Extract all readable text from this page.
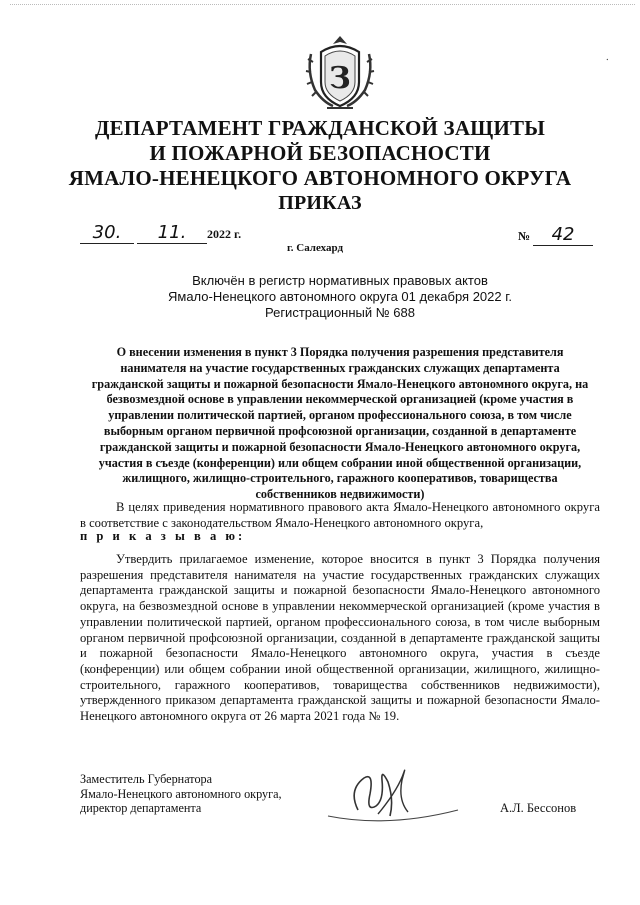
⸱
З
ДЕПАРТАМЕНТ ГРАЖДАНСКОЙ ЗАЩИТЫ
И ПОЖАРНОЙ БЕЗОПАСНОСТИ
ЯМАЛО-НЕНЕЦКОГО АВТОНОМНОГО ОКРУГА
ПРИКАЗ
30. 11. 2022 г.
г. Салехард
№ 42
Включён в регистр нормативных правовых актов
Ямало-Ненецкого автономного округа 01 декабря 2022 г.
Регистрационный № 688
О внесении изменения в пункт 3 Порядка получения разрешения представителя нанимателя на участие государственных гражданских служащих департамента гражданской защиты и пожарной безопасности Ямало-Ненецкого автономного округа, на безвозмездной основе в управлении некоммерческой организацией (кроме участия в управлении политической партией, органом профессионального союза, в том числе выборным органом первичной профсоюзной организации, созданной в департаменте гражданской защиты и пожарной безопасности Ямало-Ненецкого автономного округа, участия в съезде (конференции) или общем собрании иной общественной организации, жилищного, жилищно-строительного, гаражного кооперативов, товарищества собственников недвижимости)
В целях приведения нормативного правового акта Ямало-Ненецкого автономного округа в соответствие с законодательством Ямало-Ненецкого автономного округа,
п р и к а з ы в а ю:
Утвердить прилагаемое изменение, которое вносится в пункт 3 Порядка получения разрешения представителя нанимателя на участие государственных гражданских служащих департамента гражданской защиты и пожарной безопасности Ямало-Ненецкого автономного округа, на безвозмездной основе в управлении некоммерческой организацией (кроме участия в управлении политической партией, органом профессионального союза, в том числе выборным органом первичной профсоюзной организации, созданной в департаменте гражданской защиты и пожарной безопасности Ямало-Ненецкого автономного округа, участия в съезде (конференции) или общем собрании иной общественной организации, жилищного, жилищно-строительного, гаражного кооперативов, товарищества собственников недвижимости), утвержденного приказом департамента гражданской защиты и пожарной безопасности Ямало-Ненецкого автономного округа от 26 марта 2021 года № 19.
Заместитель Губернатора
Ямало-Ненецкого автономного округа,
директор департамента	А.Л. Бессонов
